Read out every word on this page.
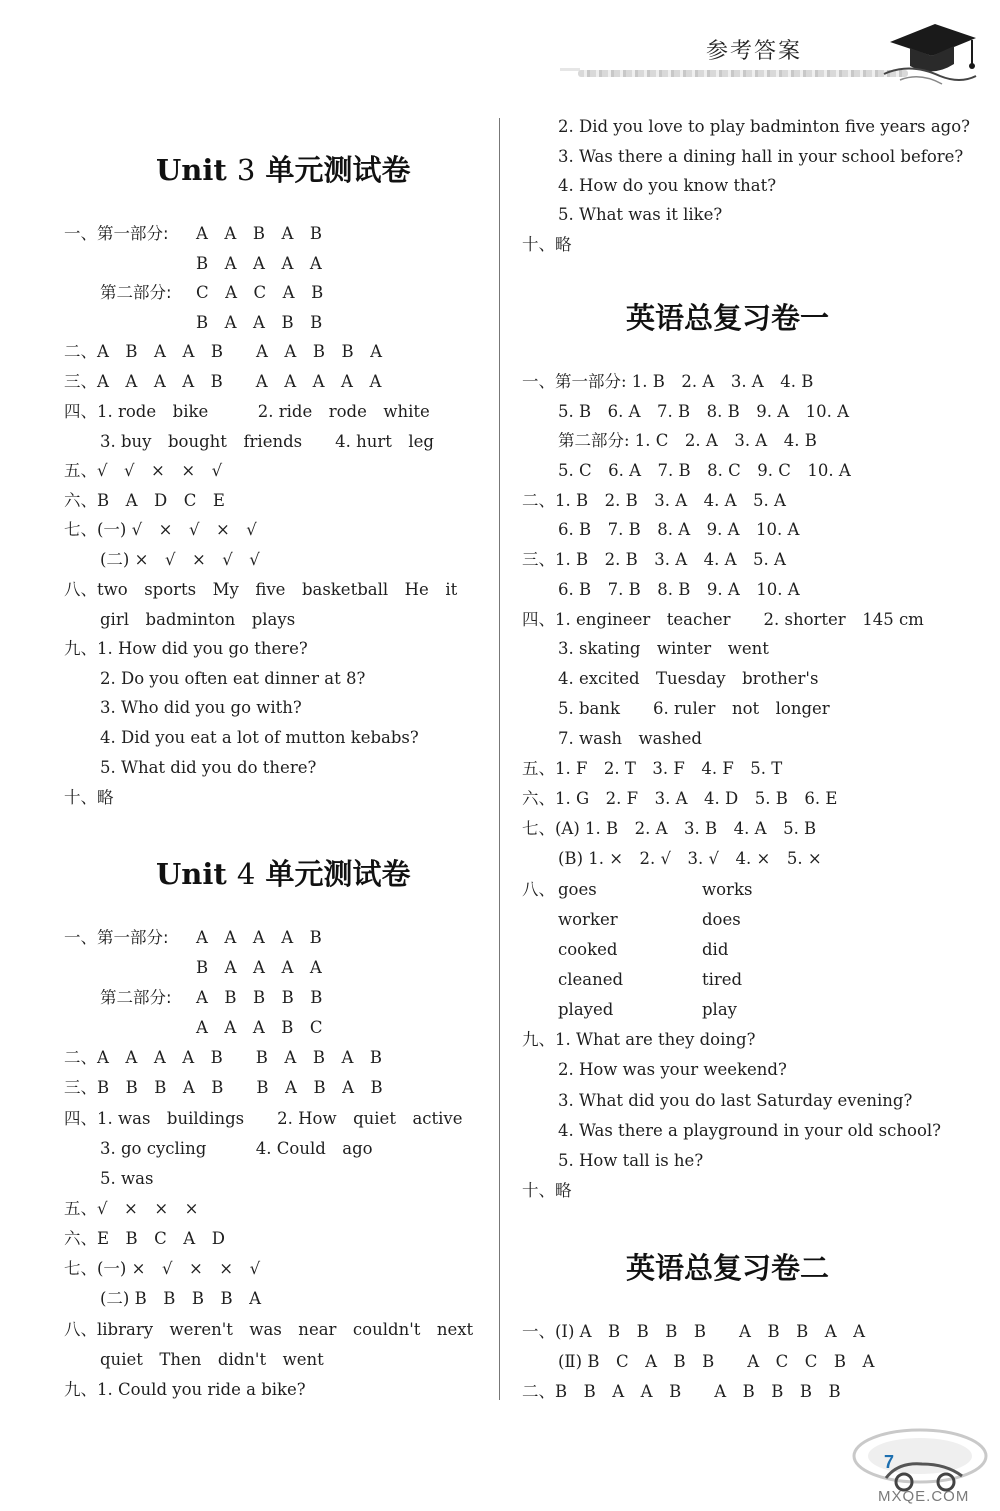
参考答案
Unit 3 单元测试卷
一、第一部分: A　A　B　A　B
B　A　A　A　A
第二部分: C　A　C　A　B
B　A　A　B　B
二、A　B　A　A　B　　A　A　B　B　A
三、A　A　A　A　B　　A　A　A　A　A
四、1. rode　bike　　　2. ride　rode　white
3. buy　bought　friends　　4. hurt　leg
五、√　√　×　×　√
六、B　A　D　C　E
七、(一) √　×　√　×　√
(二) ×　√　×　√　√
八、two　sports　My　five　basketball　He　it
girl　badminton　plays
九、1. How did you go there?
2. Do you often eat dinner at 8?
3. Who did you go with?
4. Did you eat a lot of mutton kebabs?
5. What did you do there?
十、略
Unit 4 单元测试卷
一、第一部分: A　A　A　A　B
B　A　A　A　A
第二部分: A　B　B　B　B
A　A　A　B　C
二、A　A　A　A　B　　B　A　B　A　B
三、B　B　B　A　B　　B　A　B　A　B
四、1. was　buildings　　2. How　quiet　active
3. go cycling　　　4. Could　ago
5. was
五、√　×　×　×
六、E　B　C　A　D
七、(一) ×　√　×　×　√
(二) B　B　B　B　A
八、library　weren't　was　near　couldn't　next
quiet　Then　didn't　went
九、1. Could you ride a bike?
2. Did you love to play badminton five years ago?
3. Was there a dining hall in your school before?
4. How do you know that?
5. What was it like?
十、略
英语总复习卷一
一、第一部分: 1. B　2. A　3. A　4. B
5. B　6. A　7. B　8. B　9. A　10. A
第二部分: 1. C　2. A　3. A　4. B
5. C　6. A　7. B　8. C　9. C　10. A
二、1. B　2. B　3. A　4. A　5. A
6. B　7. B　8. A　9. A　10. A
三、1. B　2. B　3. A　4. A　5. A
6. B　7. B　8. B　9. A　10. A
四、1. engineer　teacher　　2. shorter　145 cm
3. skating　winter　went
4. excited　Tuesday　brother's
5. bank　　6. ruler　not　longer
7. wash　washed
五、1. F　2. T　3. F　4. F　5. T
六、1. G　2. F　3. A　4. D　5. B　6. E
七、(A) 1. B　2. A　3. B　4. A　5. B
(B) 1. ×　2. √　3. √　4. ×　5. ×
八、 goes	works
worker	does
cooked	did
cleaned	tired
played	play
九、1. What are they doing?
2. How was your weekend?
3. What did you do last Saturday evening?
4. Was there a playground in your old school?
5. How tall is he?
十、略
英语总复习卷二
一、(Ⅰ) A　B　B　B　B　　A　B　B　A　A
(Ⅱ) B　C　A　B　B　　A　C　C　B　A
二、B　B　A　A　B　　A　B　B　B　B
7
MXQE.COM
